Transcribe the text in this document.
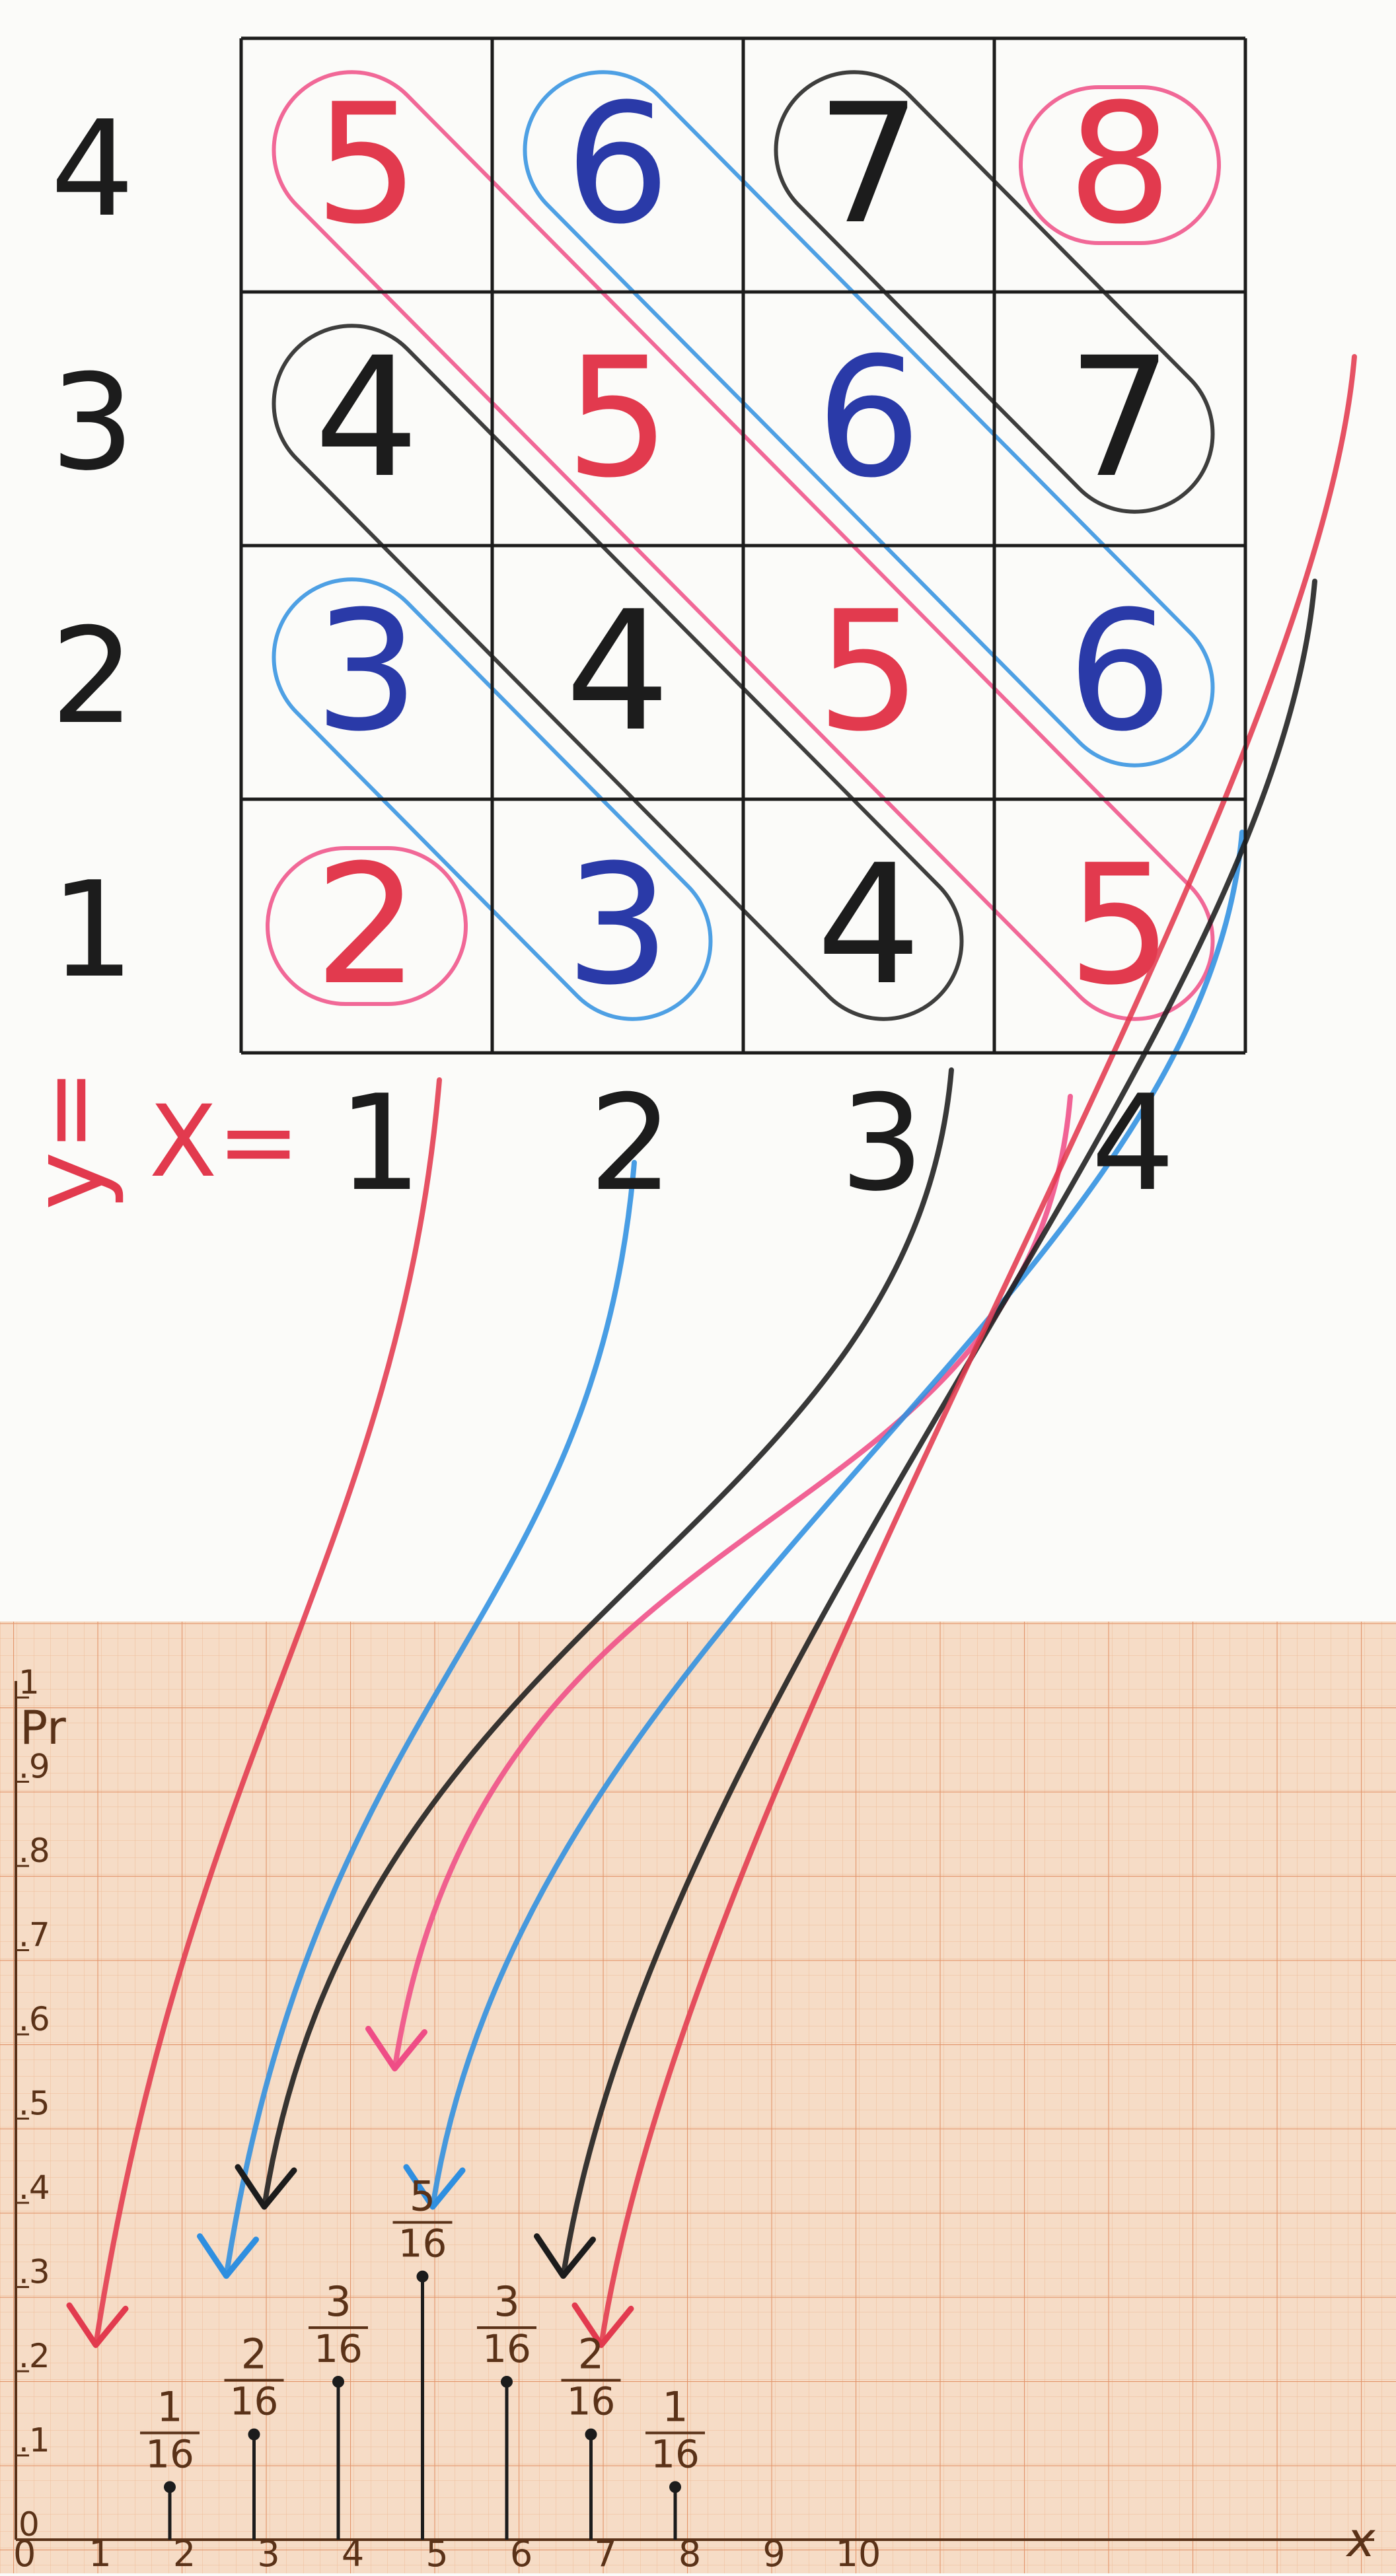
5 6 7 8
4 5 6 7
3 4 5 6
2 3 4 5
4
3
2
1
y= X= 1 2 3 4
0
.1
.2
.3
.4
.5
.6
.7
.8
.9
1
0 1 2 3 4 5 6 7 8 9 10
Pr
x
1
16
2
16
3
16
5
16
3
16 2
16 1
16
